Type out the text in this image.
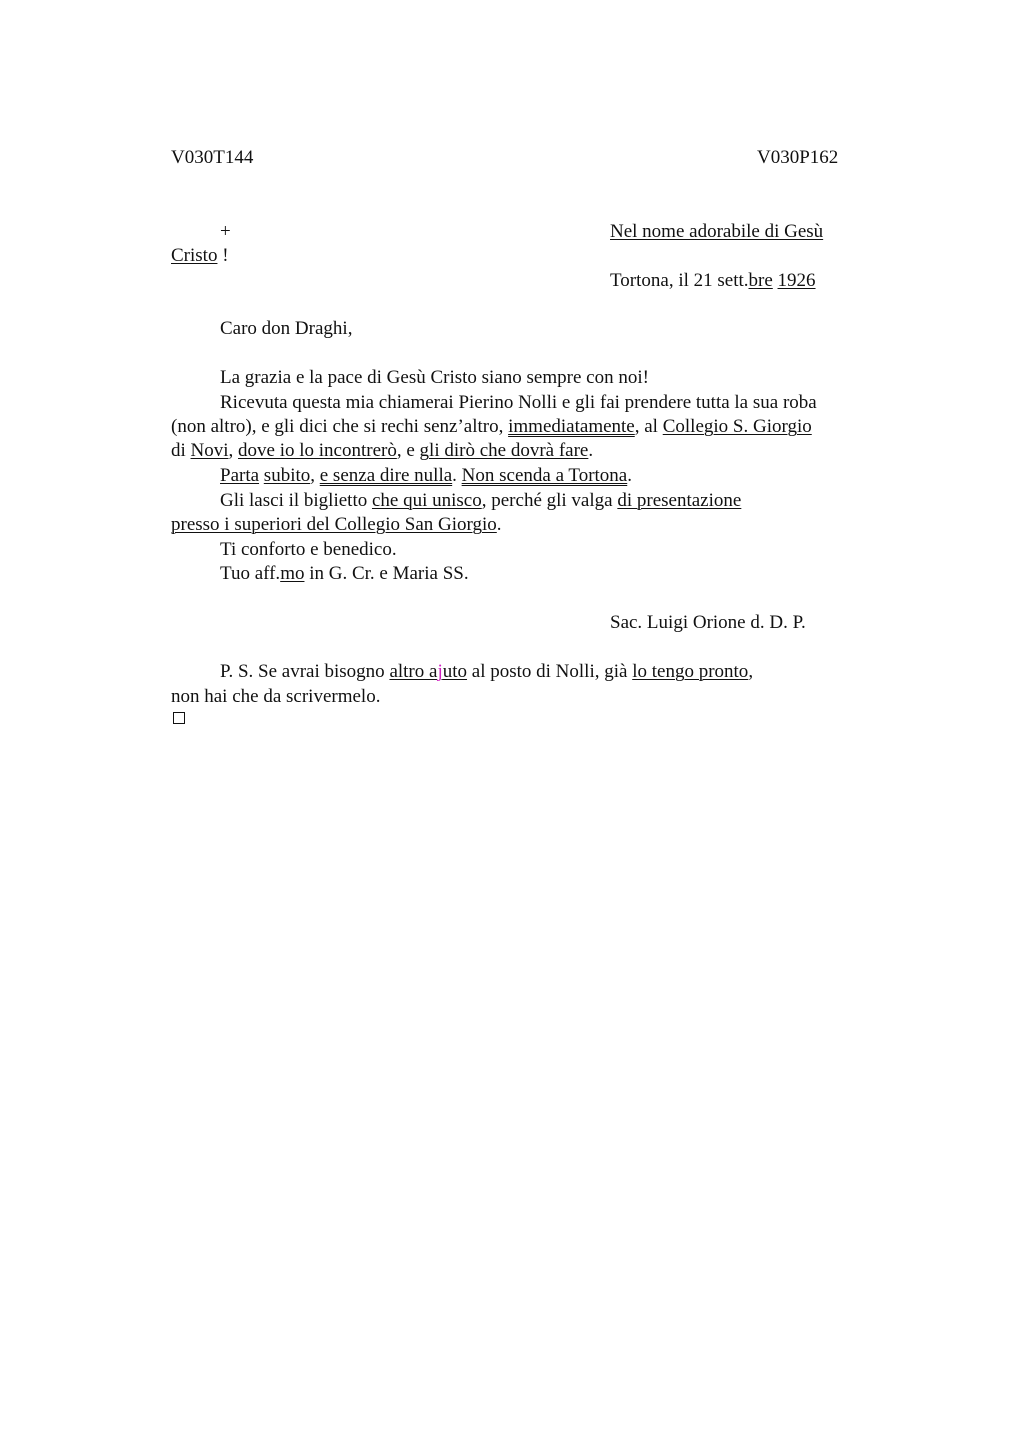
V030T144	V030P162
+	Nel nome adorabile di Gesù
Cristo !
Tortona, il 21 sett.bre 1926
Caro don Draghi,
La grazia e la pace di Gesù Cristo siano sempre con noi!
Ricevuta questa mia chiamerai Pierino Nolli e gli fai prendere tutta la sua roba
(non altro), e gli dici che si rechi senz’altro, immediatamente, al Collegio S. Giorgio
di Novi, dove io lo incontrerò, e gli dirò che dovrà fare.
Parta subito, e senza dire nulla. Non scenda a Tortona.
Gli lasci il biglietto che qui unisco, perché gli valga di presentazione
presso i superiori del Collegio San Giorgio.
Ti conforto e benedico.
Tuo aff.mo in G. Cr. e Maria SS.
Sac. Luigi Orione d. D. P.
P. S. Se avrai bisogno altro ajuto al posto di Nolli, già lo tengo pronto,
non hai che da scrivermelo.
